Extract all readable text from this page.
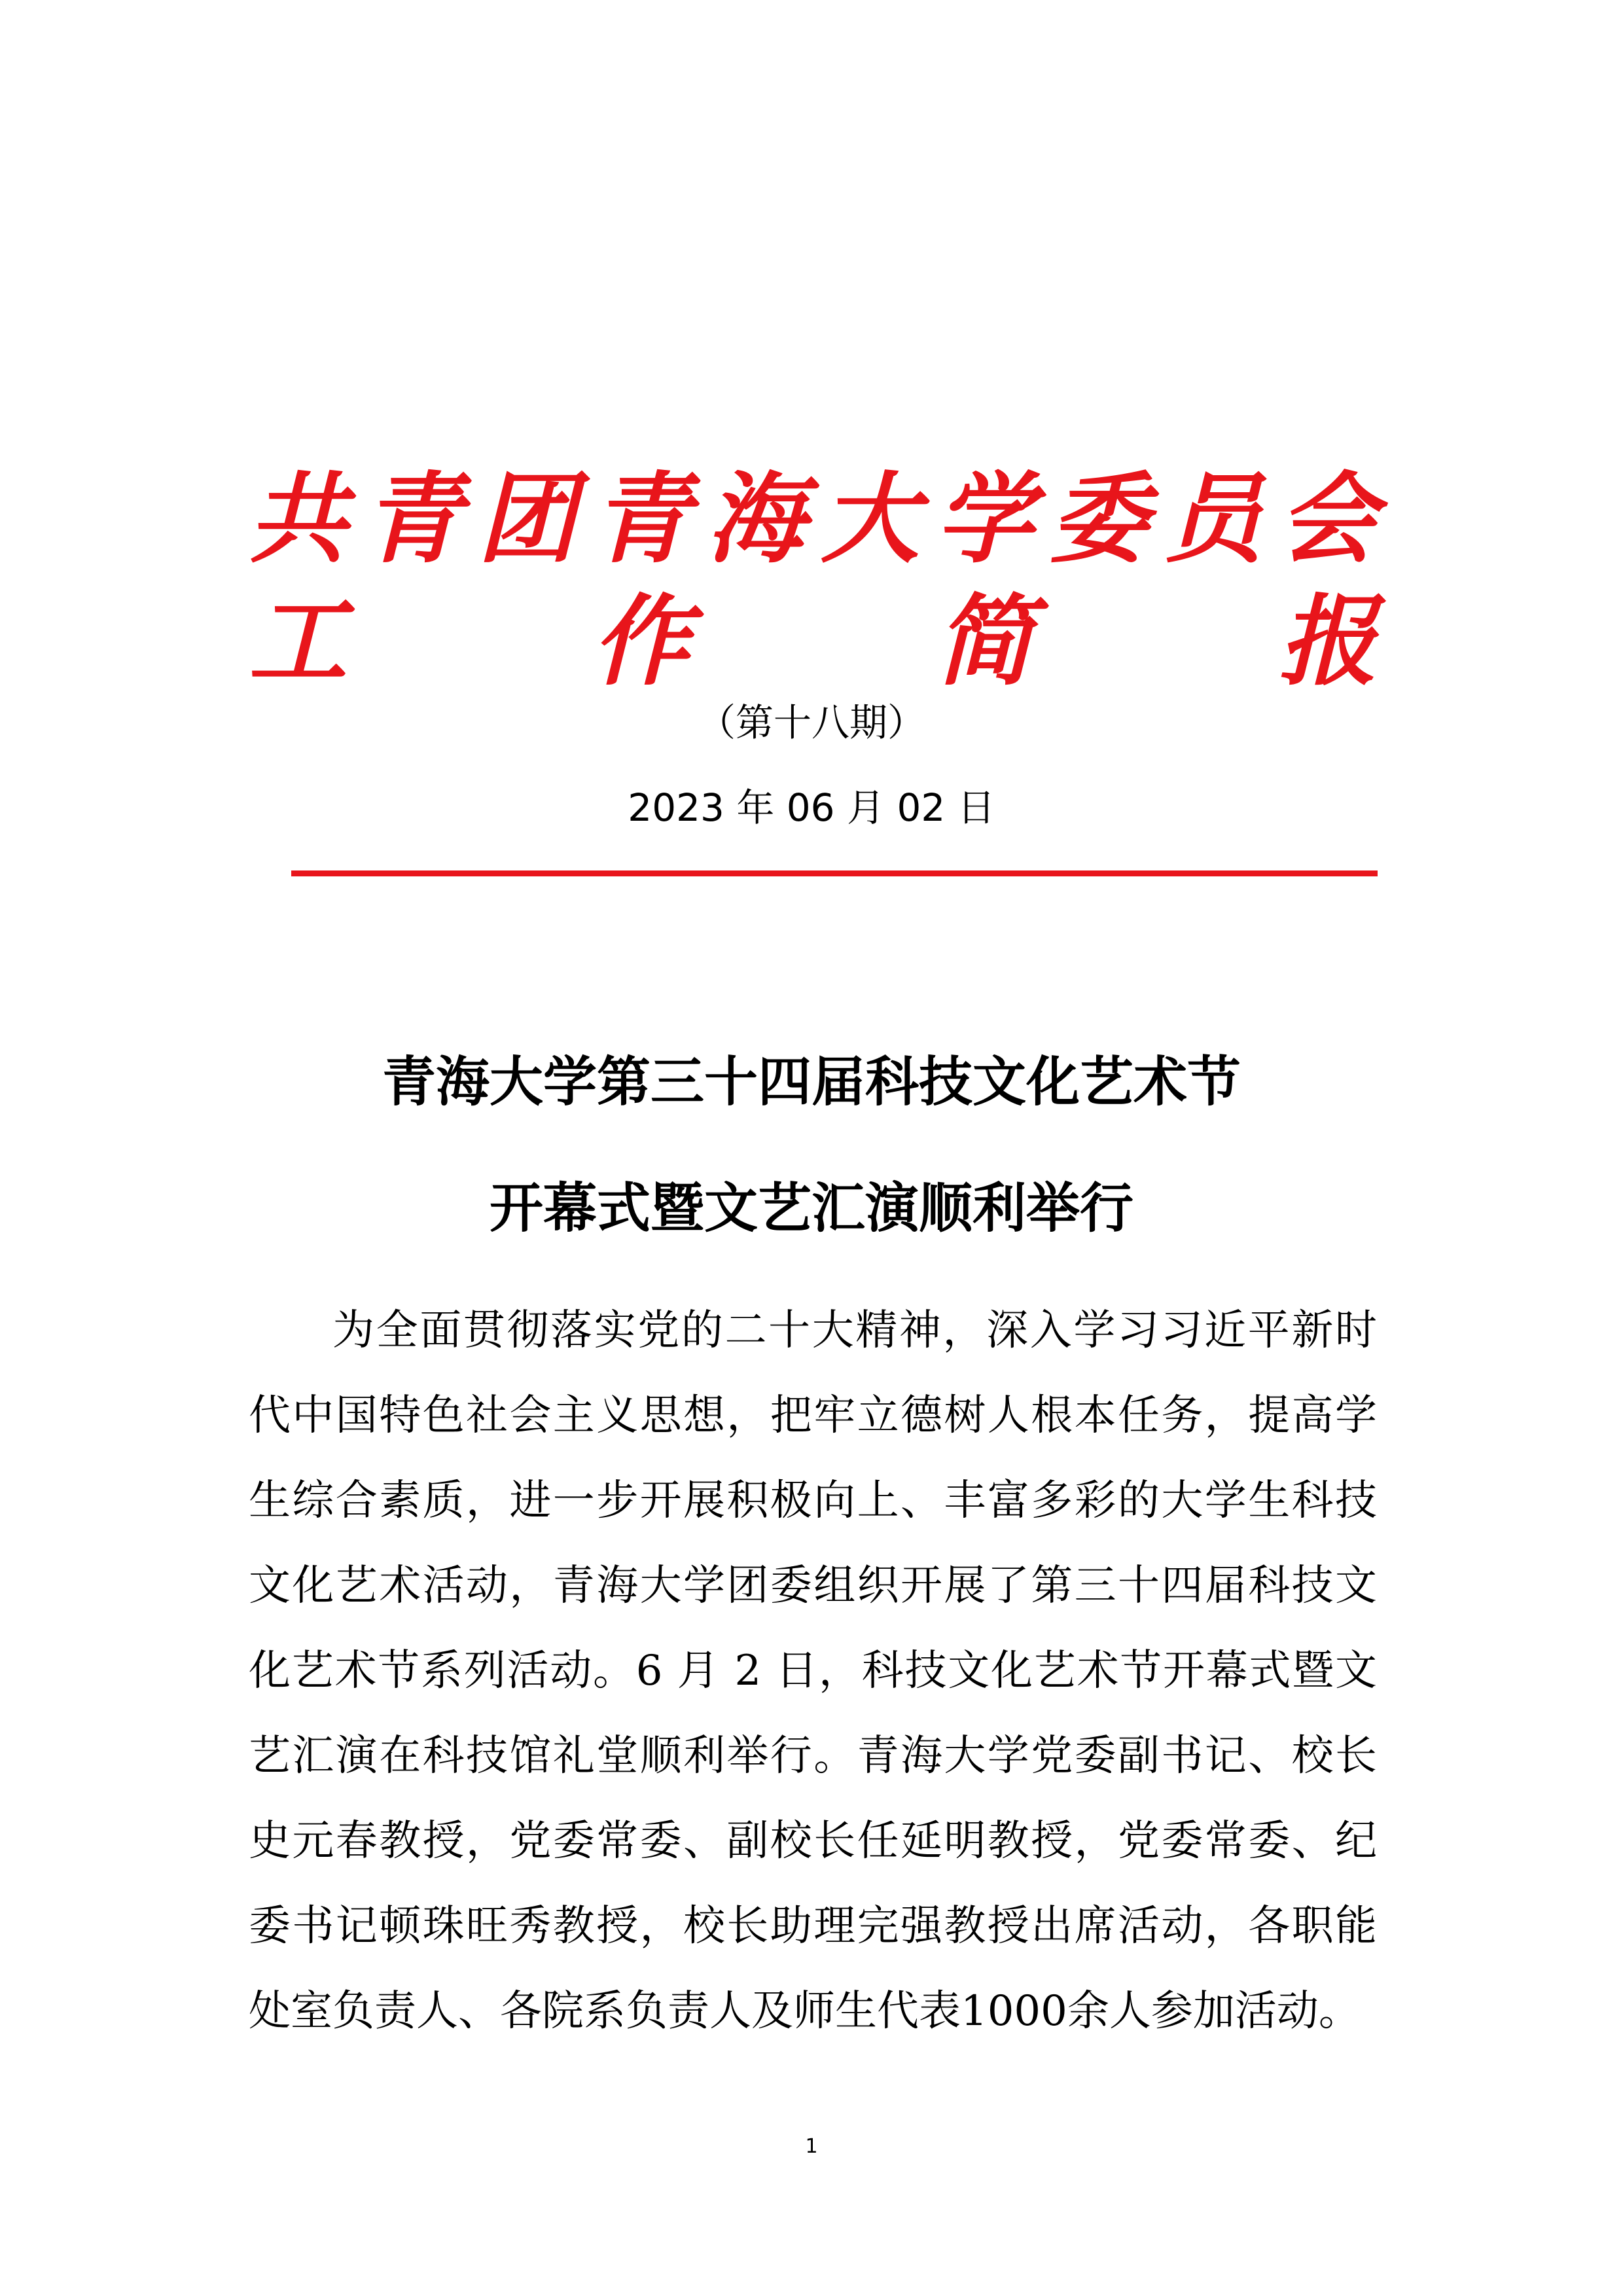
共 青 团 青 海 大 学 委 员 会
工 作 简 报
（第十八期）
2023 年 06 月 02 日
青海大学第三十四届科技文化艺术节
开幕式暨文艺汇演顺利举行

为全面贯彻落实党的二十大精神，深入学习习近平新时代中国特色社会主义思想，把牢立德树人根本任务，提高学生综合素质，进一步开展积极向上、丰富多彩的大学生科技文化艺术活动，青海大学团委组织开展了第三十四届科技文化艺术节系列活动。6 月 2 日，科技文化艺术节开幕式暨文艺汇演在科技馆礼堂顺利举行。青海大学党委副书记、校长史元春教授，党委常委、副校长任延明教授，党委常委、纪委书记顿珠旺秀教授，校长助理完强教授出席活动，各职能处室负责人、各院系负责人及师生代表1000余人参加活动。

1
